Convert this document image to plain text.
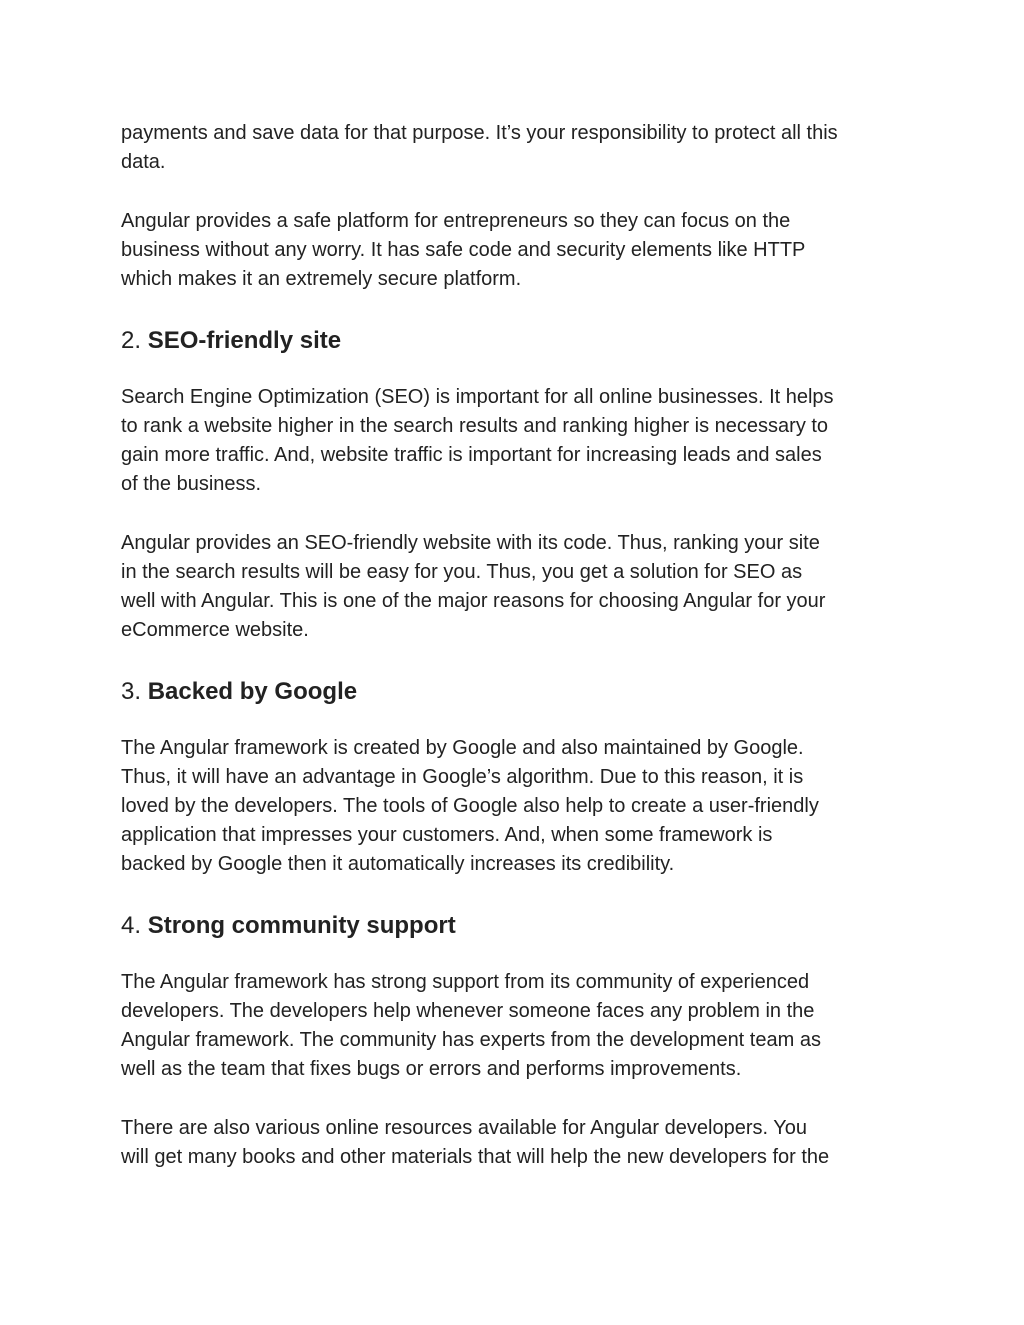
payments and save data for that purpose. It’s your responsibility to protect all this
data.

Angular provides a safe platform for entrepreneurs so they can focus on the
business without any worry. It has safe code and security elements like HTTP
which makes it an extremely secure platform.

2. SEO-friendly site

Search Engine Optimization (SEO) is important for all online businesses. It helps
to rank a website higher in the search results and ranking higher is necessary to
gain more traffic. And, website traffic is important for increasing leads and sales
of the business.

Angular provides an SEO-friendly website with its code. Thus, ranking your site
in the search results will be easy for you. Thus, you get a solution for SEO as
well with Angular. This is one of the major reasons for choosing Angular for your
eCommerce website.

3. Backed by Google

The Angular framework is created by Google and also maintained by Google.
Thus, it will have an advantage in Google’s algorithm. Due to this reason, it is
loved by the developers. The tools of Google also help to create a user-friendly
application that impresses your customers. And, when some framework is
backed by Google then it automatically increases its credibility.

4. Strong community support

The Angular framework has strong support from its community of experienced
developers. The developers help whenever someone faces any problem in the
Angular framework. The community has experts from the development team as
well as the team that fixes bugs or errors and performs improvements.

There are also various online resources available for Angular developers. You
will get many books and other materials that will help the new developers for the
